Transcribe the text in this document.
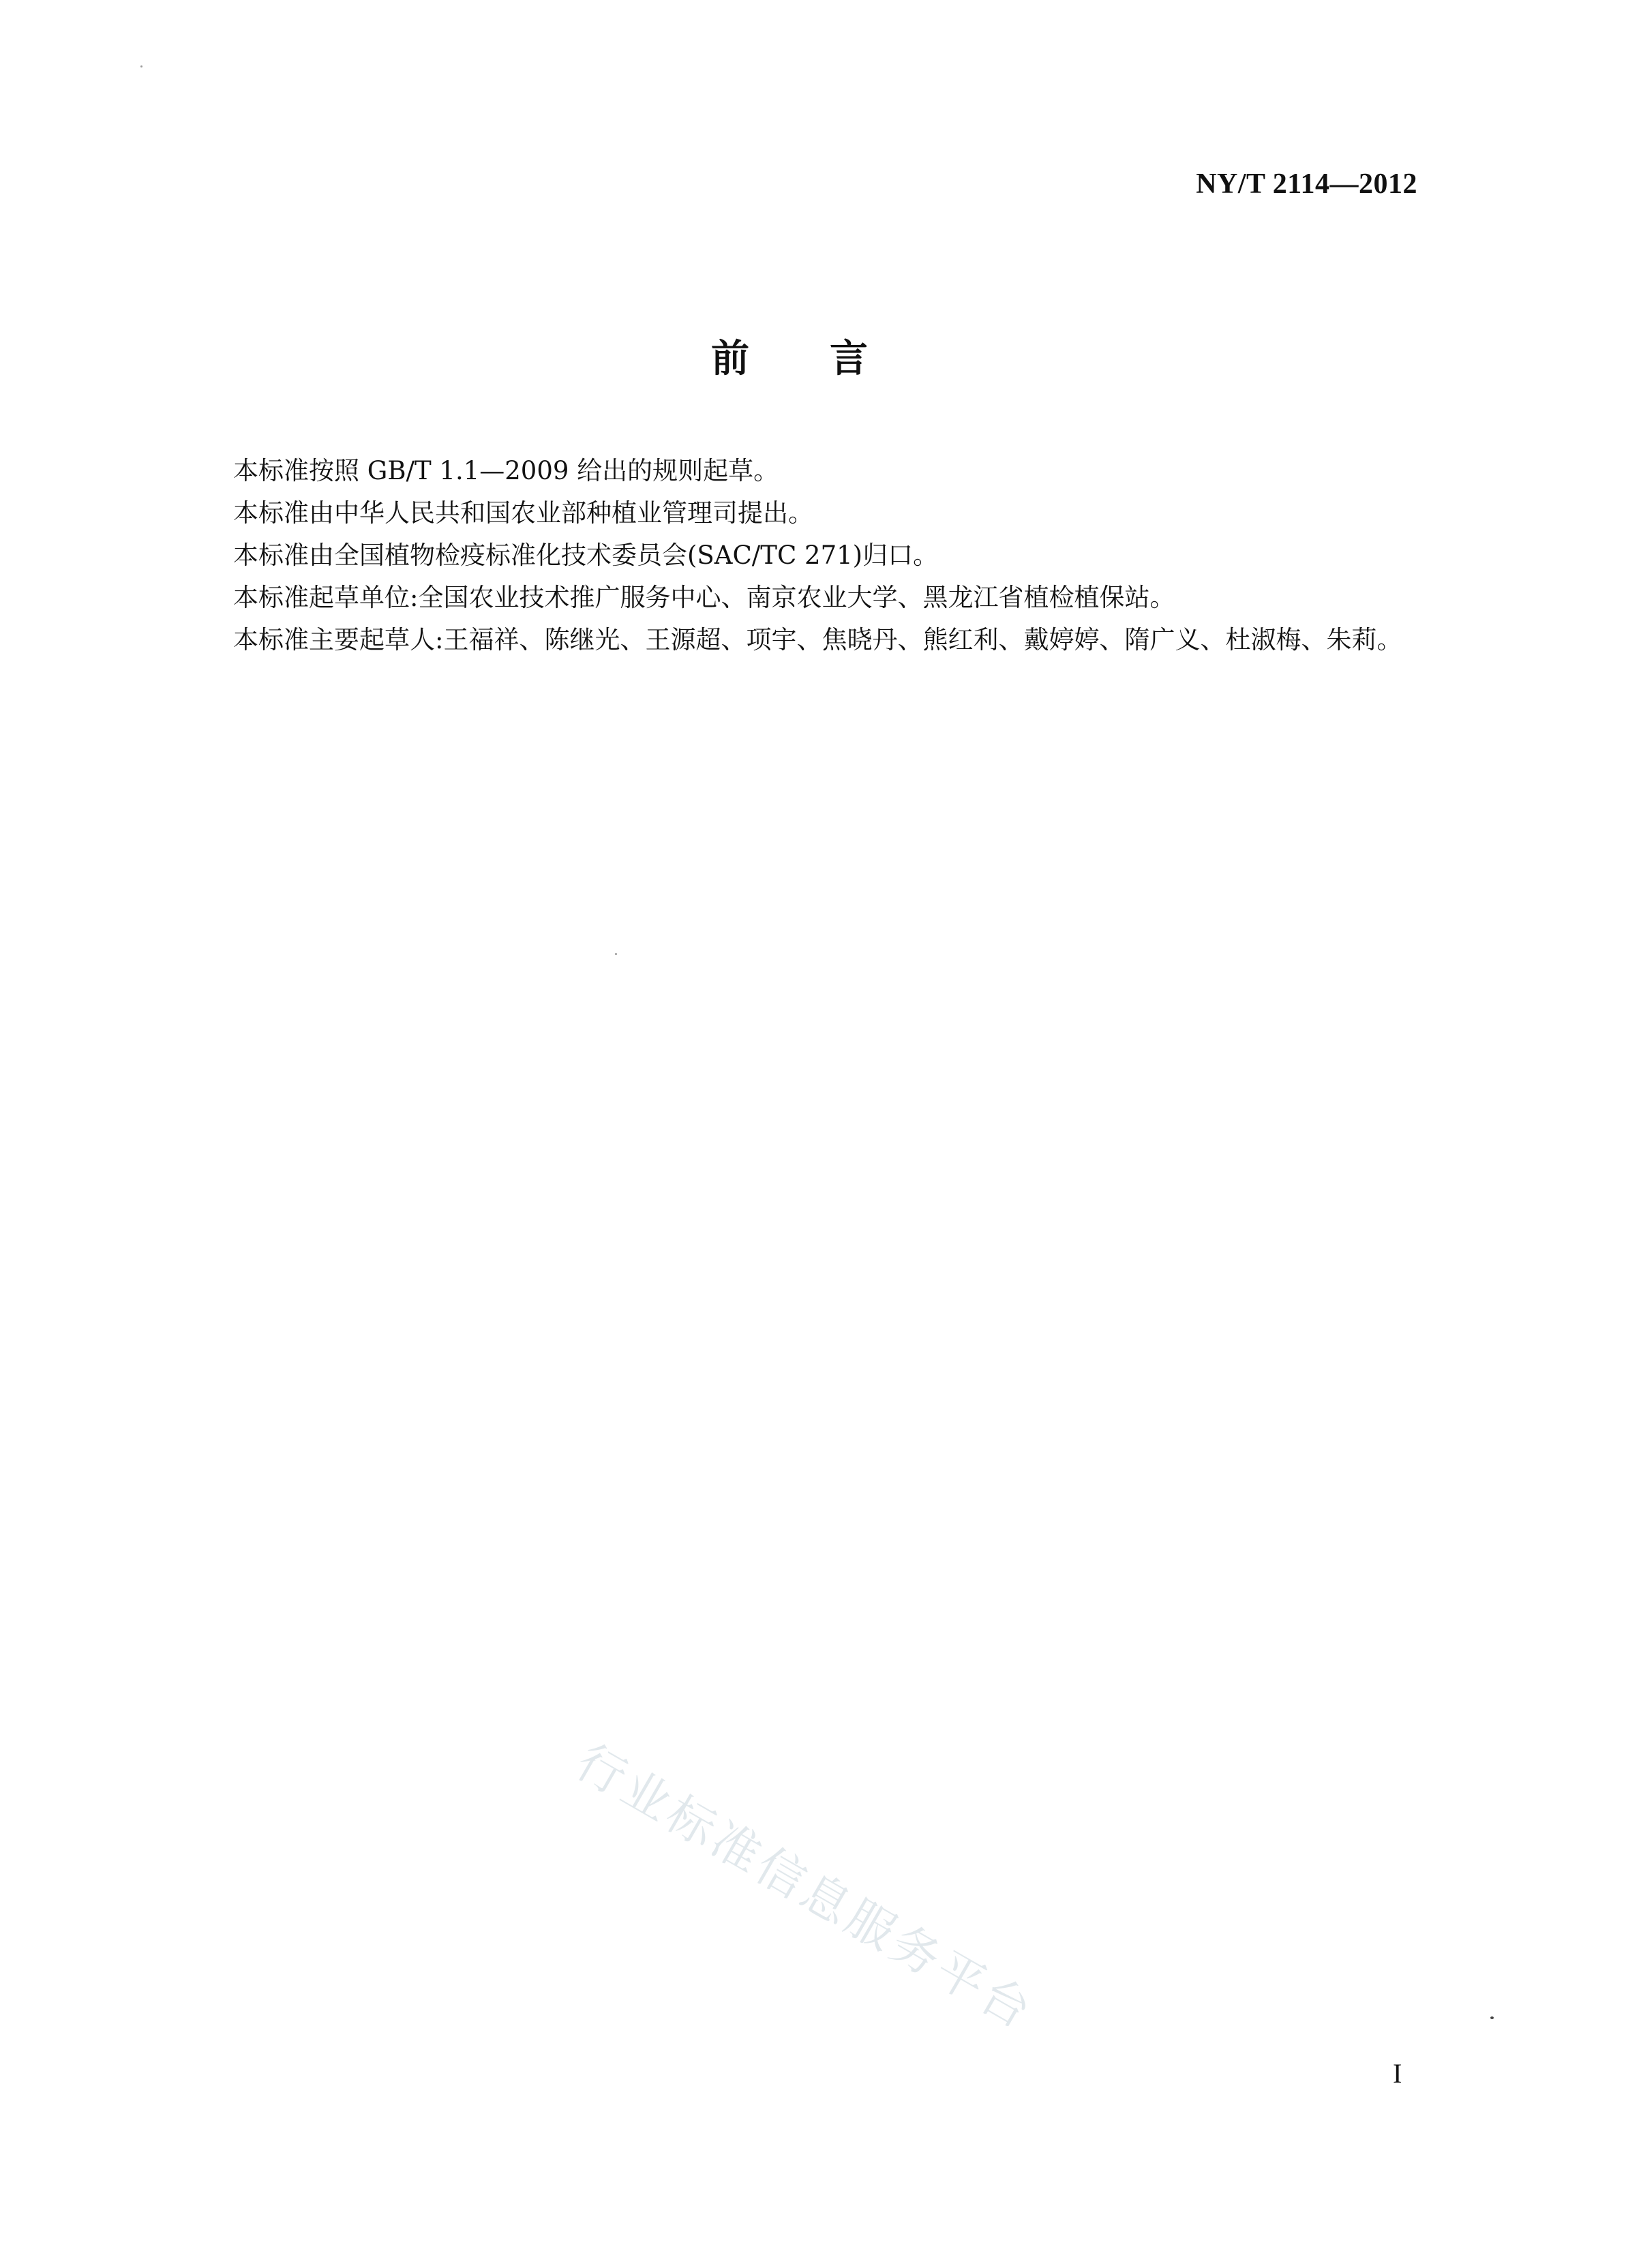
NY/T 2114—2012
前言
本标准按照 GB/T 1.1—2009 给出的规则起草。
本标准由中华人民共和国农业部种植业管理司提出。
本标准由全国植物检疫标准化技术委员会(SAC/TC 271)归口。
本标准起草单位:全国农业技术推广服务中心、南京农业大学、黑龙江省植检植保站。
本标准主要起草人:王福祥、陈继光、王源超、项宇、焦晓丹、熊红利、戴婷婷、隋广义、杜淑梅、朱莉。
行业标准信息服务平台
I
